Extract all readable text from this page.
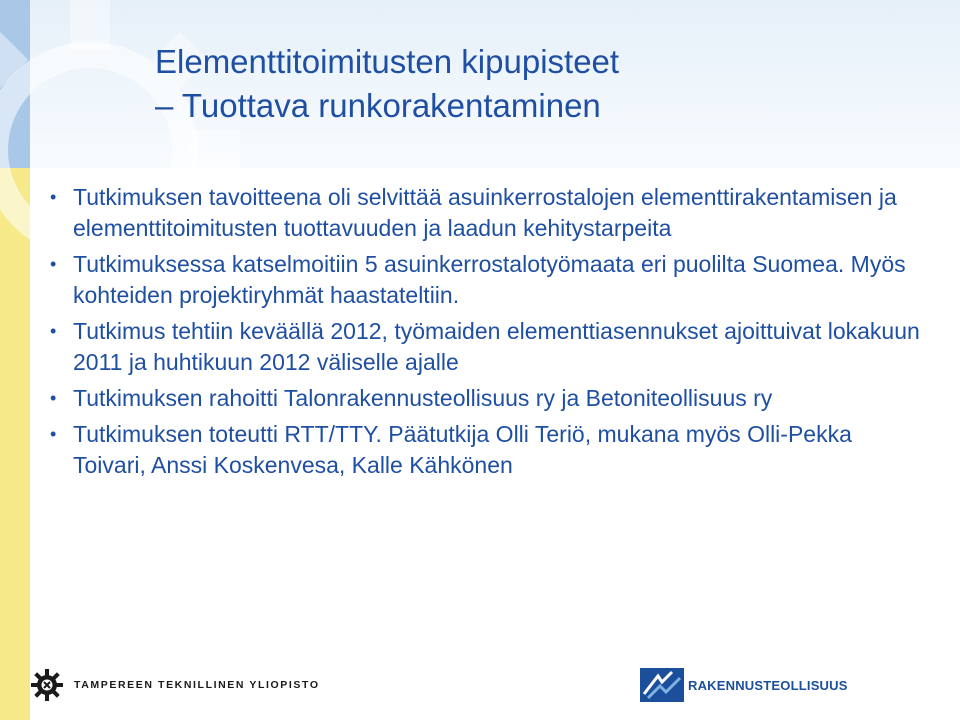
Elementtitoimitusten kipupisteet
– Tuottava runkorakentaminen
• Tutkimuksen tavoitteena oli selvittää asuinkerrostalojen elementtirakentamisen ja elementtitoimitusten tuottavuuden ja laadun kehitystarpeita
• Tutkimuksessa katselmoitiin 5 asuinkerrostalotyömaata eri puolilta Suomea. Myös kohteiden projektiryhmät haastateltiin.
• Tutkimus tehtiin keväällä 2012, työmaiden elementtiasennukset ajoittuivat lokakuun 2011 ja huhtikuun 2012 väliselle ajalle
• Tutkimuksen rahoitti Talonrakennusteollisuus ry ja Betoniteollisuus ry
• Tutkimuksen toteutti RTT/TTY. Päätutkija Olli Teriö, mukana myös Olli-Pekka Toivari, Anssi Koskenvesa, Kalle Kähkönen
TAMPEREEN TEKNILLINEN YLIOPISTO	RAKENNUSTEOLLISUUS
